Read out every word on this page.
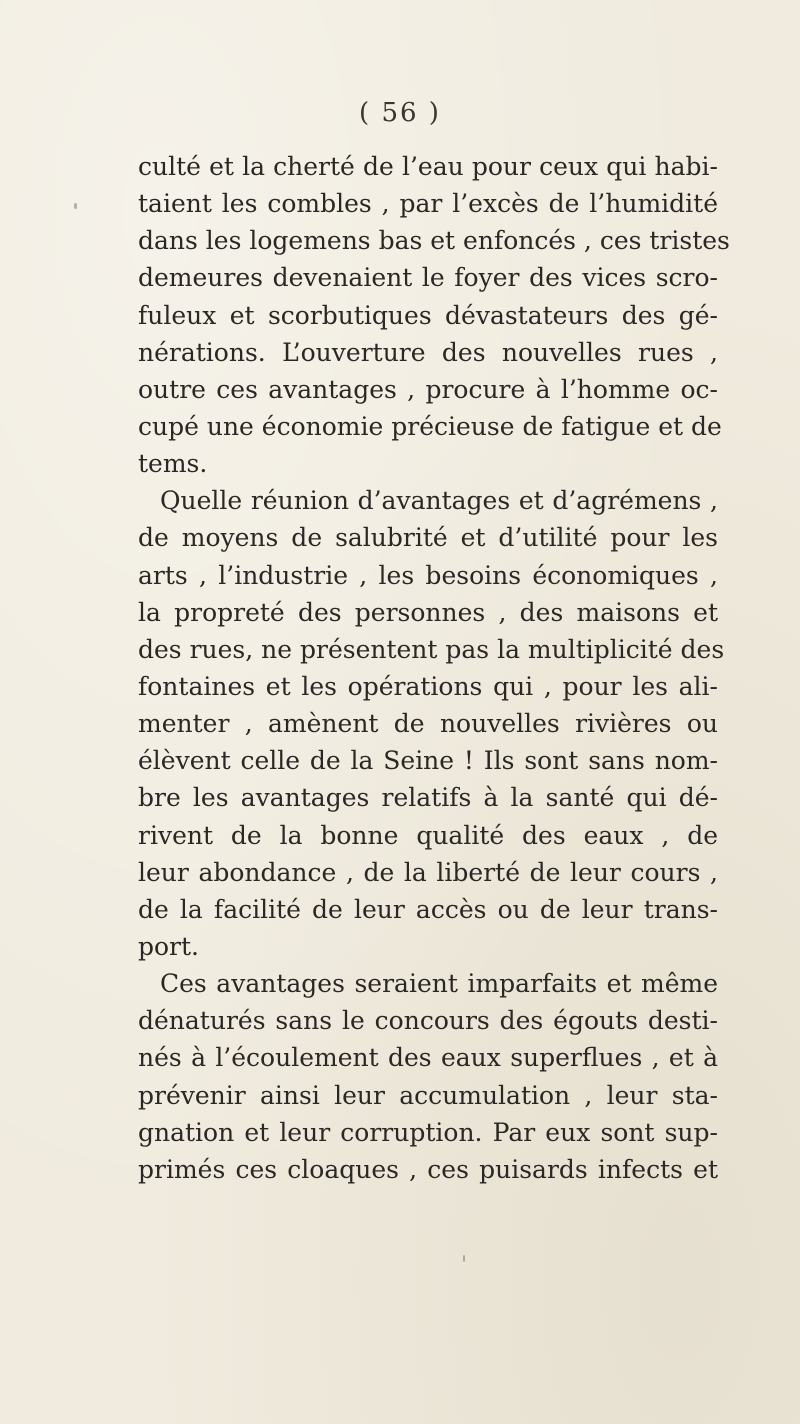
( 56 )
culté et la cherté de l’eau pour ceux qui habi-
taient les combles , par l’excès de l’humidité
dans les logemens bas et enfoncés , ces tristes
demeures devenaient le foyer des vices scro-
fuleux et scorbutiques dévastateurs des gé-
nérations. L’ouverture des nouvelles rues ,
outre ces avantages , procure à l’homme oc-
cupé une économie précieuse de fatigue et de
tems.
Quelle réunion d’avantages et d’agrémens ,
de moyens de salubrité et d’utilité pour les
arts , l’industrie , les besoins économiques ,
la propreté des personnes , des maisons et
des rues, ne présentent pas la multiplicité des
fontaines et les opérations qui , pour les ali-
menter , amènent de nouvelles rivières ou
élèvent celle de la Seine ! Ils sont sans nom-
bre les avantages relatifs à la santé qui dé-
rivent de la bonne qualité des eaux , de
leur abondance , de la liberté de leur cours ,
de la facilité de leur accès ou de leur trans-
port.
Ces avantages seraient imparfaits et même
dénaturés sans le concours des égouts desti-
nés à l’écoulement des eaux superflues , et à
prévenir ainsi leur accumulation , leur sta-
gnation et leur corruption. Par eux sont sup-
primés ces cloaques , ces puisards infects et
